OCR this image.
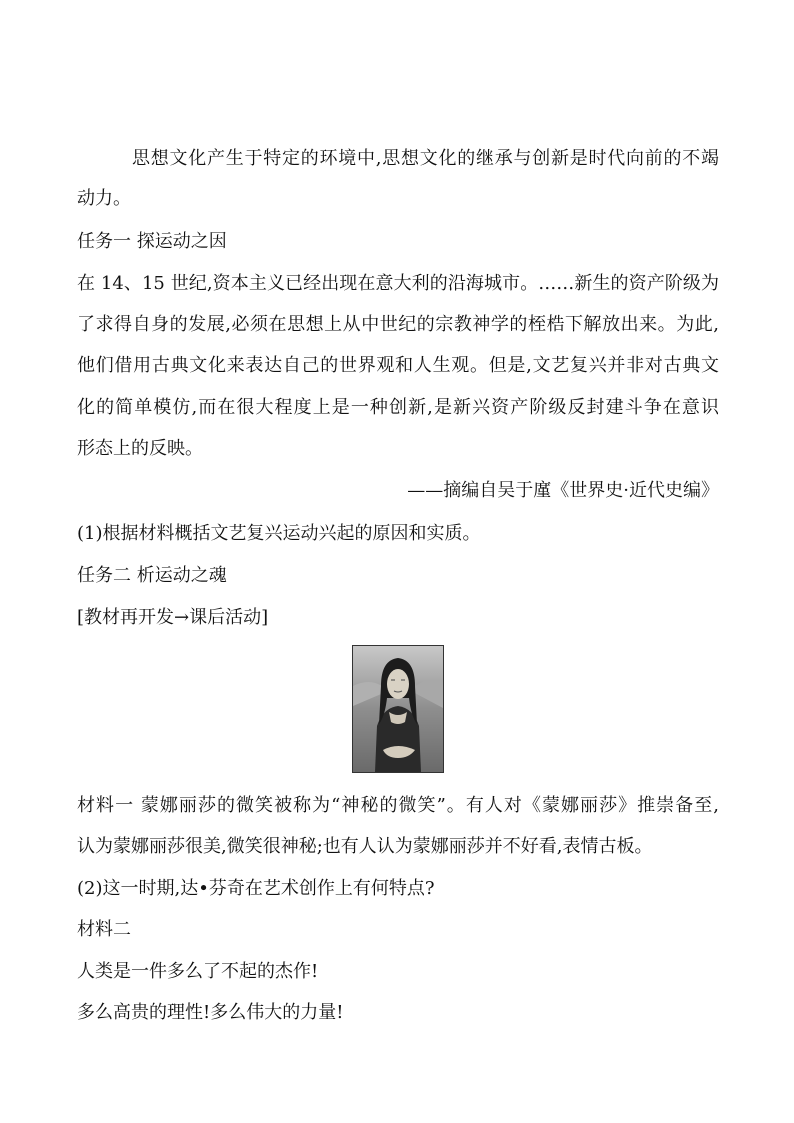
思想文化产生于特定的环境中,思想文化的继承与创新是时代向前的不竭
动力。
任务一 探运动之因
在 14、15 世纪,资本主义已经出现在意大利的沿海城市。……新生的资产阶级为
了求得自身的发展,必须在思想上从中世纪的宗教神学的桎梏下解放出来。为此,
他们借用古典文化来表达自己的世界观和人生观。但是,文艺复兴并非对古典文
化的简单模仿,而在很大程度上是一种创新,是新兴资产阶级反封建斗争在意识
形态上的反映。
——摘编自吴于廑《世界史·近代史编》
(1)根据材料概括文艺复兴运动兴起的原因和实质。
任务二 析运动之魂
[教材再开发→课后活动]
材料一 蒙娜丽莎的微笑被称为“神秘的微笑”。有人对《蒙娜丽莎》推崇备至,
认为蒙娜丽莎很美,微笑很神秘;也有人认为蒙娜丽莎并不好看,表情古板。
(2)这一时期,达•芬奇在艺术创作上有何特点?
材料二
人类是一件多么了不起的杰作!
多么高贵的理性!多么伟大的力量!
